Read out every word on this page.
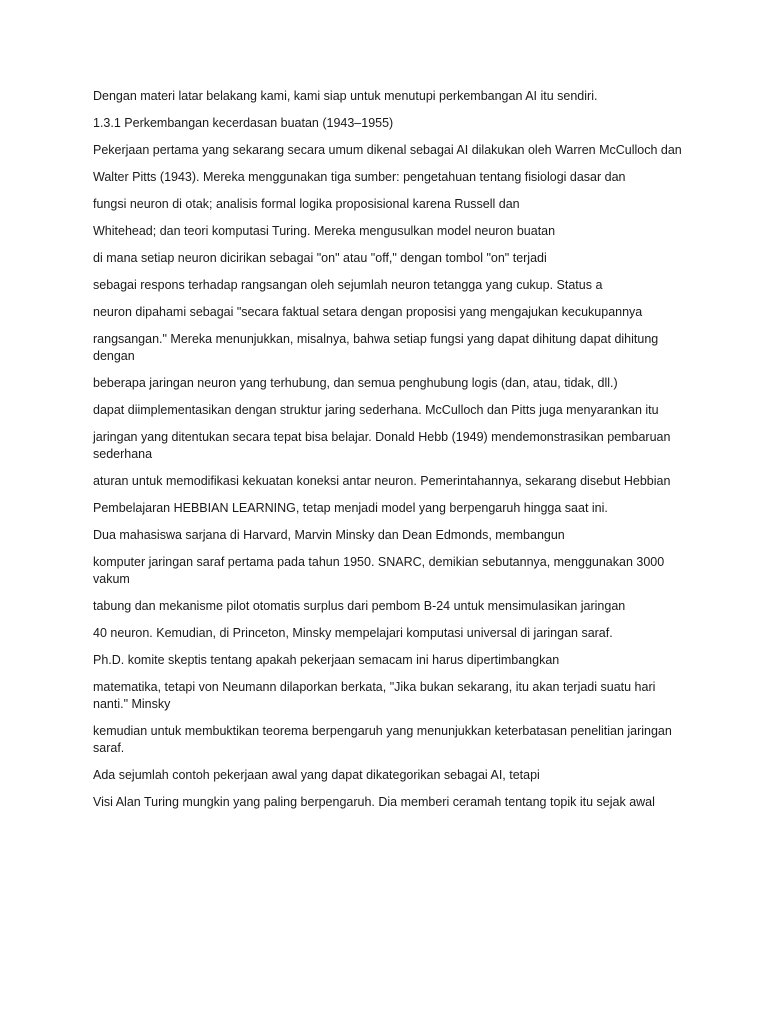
Dengan materi latar belakang kami, kami siap untuk menutupi perkembangan AI itu sendiri.

1.3.1 Perkembangan kecerdasan buatan (1943–1955)

Pekerjaan pertama yang sekarang secara umum dikenal sebagai AI dilakukan oleh Warren McCulloch dan

Walter Pitts (1943). Mereka menggunakan tiga sumber: pengetahuan tentang fisiologi dasar dan

fungsi neuron di otak; analisis formal logika proposisional karena Russell dan

Whitehead; dan teori komputasi Turing. Mereka mengusulkan model neuron buatan

di mana setiap neuron dicirikan sebagai "on" atau "off," dengan tombol "on" terjadi

sebagai respons terhadap rangsangan oleh sejumlah neuron tetangga yang cukup. Status a

neuron dipahami sebagai "secara faktual setara dengan proposisi yang mengajukan kecukupannya

rangsangan." Mereka menunjukkan, misalnya, bahwa setiap fungsi yang dapat dihitung dapat dihitung dengan

beberapa jaringan neuron yang terhubung, dan semua penghubung logis (dan, atau, tidak, dll.)

dapat diimplementasikan dengan struktur jaring sederhana. McCulloch dan Pitts juga menyarankan itu

jaringan yang ditentukan secara tepat bisa belajar. Donald Hebb (1949) mendemonstrasikan pembaruan sederhana

aturan untuk memodifikasi kekuatan koneksi antar neuron. Pemerintahannya, sekarang disebut Hebbian

Pembelajaran HEBBIAN LEARNING, tetap menjadi model yang berpengaruh hingga saat ini.

Dua mahasiswa sarjana di Harvard, Marvin Minsky dan Dean Edmonds, membangun

komputer jaringan saraf pertama pada tahun 1950. SNARC, demikian sebutannya, menggunakan 3000 vakum

tabung dan mekanisme pilot otomatis surplus dari pembom B-24 untuk mensimulasikan jaringan

40 neuron. Kemudian, di Princeton, Minsky mempelajari komputasi universal di jaringan saraf.

Ph.D. komite skeptis tentang apakah pekerjaan semacam ini harus dipertimbangkan

matematika, tetapi von Neumann dilaporkan berkata, "Jika bukan sekarang, itu akan terjadi suatu hari nanti." Minsky

kemudian untuk membuktikan teorema berpengaruh yang menunjukkan keterbatasan penelitian jaringan saraf.

Ada sejumlah contoh pekerjaan awal yang dapat dikategorikan sebagai AI, tetapi

Visi Alan Turing mungkin yang paling berpengaruh. Dia memberi ceramah tentang topik itu sejak awal
